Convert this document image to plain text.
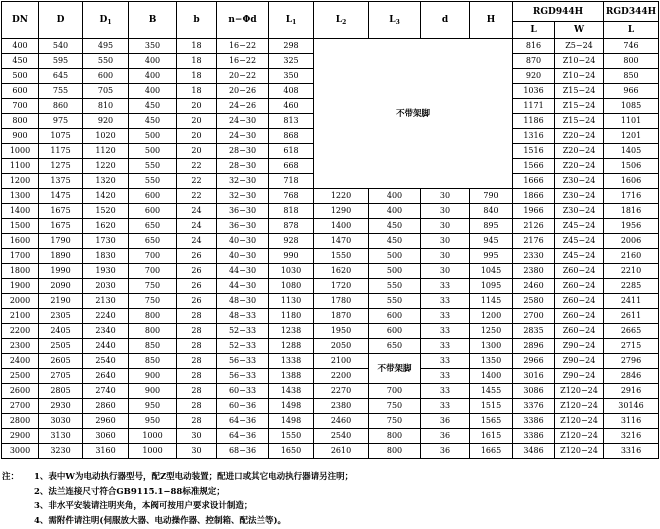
DN	D	$D_1$	B	b	n−Φd	$L_1$	$L_2$	$L_3$	d	H	RGD944H		RGD344H
											L	W	L
400	540	495	350	18	16−22	298	不带架脚				816	Z5−24	746
450	595	550	400	18	16−22	325					870	Z10−24	800
500	645	600	400	18	20−22	350					920	Z10−24	850
600	755	705	400	18	20−26	408					1036	Z15−24	966
700	860	810	450	20	24−26	460					1171	Z15−24	1085
800	975	920	450	20	24−30	813					1186	Z15−24	1101
900	1075	1020	500	20	24−30	868					1316	Z20−24	1201
1000	1175	1120	500	20	28−30	618					1516	Z20−24	1405
1100	1275	1220	550	22	28−30	668					1566	Z20−24	1506
1200	1375	1320	550	22	32−30	718					1666	Z30−24	1606
1300	1475	1420	600	22	32−30	768	1220	400	30	790	1866	Z30−24	1716
1400	1675	1520	600	24	36−30	818	1290	400	30	840	1966	Z30−24	1816
1500	1675	1620	650	24	36−30	878	1400	450	30	895	2126	Z45−24	1956
1600	1790	1730	650	24	40−30	928	1470	450	30	945	2176	Z45−24	2006
1700	1890	1830	700	26	40−30	990	1550	500	30	995	2330	Z45−24	2160
1800	1990	1930	700	26	44−30	1030	1620	500	30	1045	2380	Z60−24	2210
1900	2090	2030	750	26	44−30	1080	1720	550	33	1095	2460	Z60−24	2285
2000	2190	2130	750	26	48−30	1130	1780	550	33	1145	2580	Z60−24	2411
2100	2305	2240	800	28	48−33	1180	1870	600	33	1200	2700	Z60−24	2611
2200	2405	2340	800	28	52−33	1238	1950	600	33	1250	2835	Z60−24	2665
2300	2505	2440	850	28	52−33	1288	2050	650	33	1300	2896	Z90−24	2715
2400	2605	2540	850	28	56−33	1338	2100	不带架脚	33	1350	2966	Z90−24	2796
2500	2705	2640	900	28	56−33	1388	2200		33	1400	3016	Z90−24	2846
2600	2805	2740	900	28	60−33	1438	2270	700	33	1455	3086	Z120−24	2916
2700	2930	2860	950	28	60−36	1498	2380	750	33	1515	3376	Z120−24	30146
2800	3030	2960	950	28	64−36	1498	2460	750	36	1565	3386	Z120−24	3116
2900	3130	3060	1000	30	64−36	1550	2540	800	36	1615	3386	Z120−24	3216
3000	3230	3160	1000	30	68−36	1650	2610	800	36	1665	3486	Z120−24	3316
注： 1、表中W为电动执行器型号，配Z型电动装置；配进口或其它电动执行器请另注明；
2、法兰连接尺寸符合GB9115.1−88标准规定；
3、非水平安装请注明夹角，本阀可按用户要求设计制造；
4、需附件请注明(伺服放大器、电动操作器、控制箱、配法兰等)。
